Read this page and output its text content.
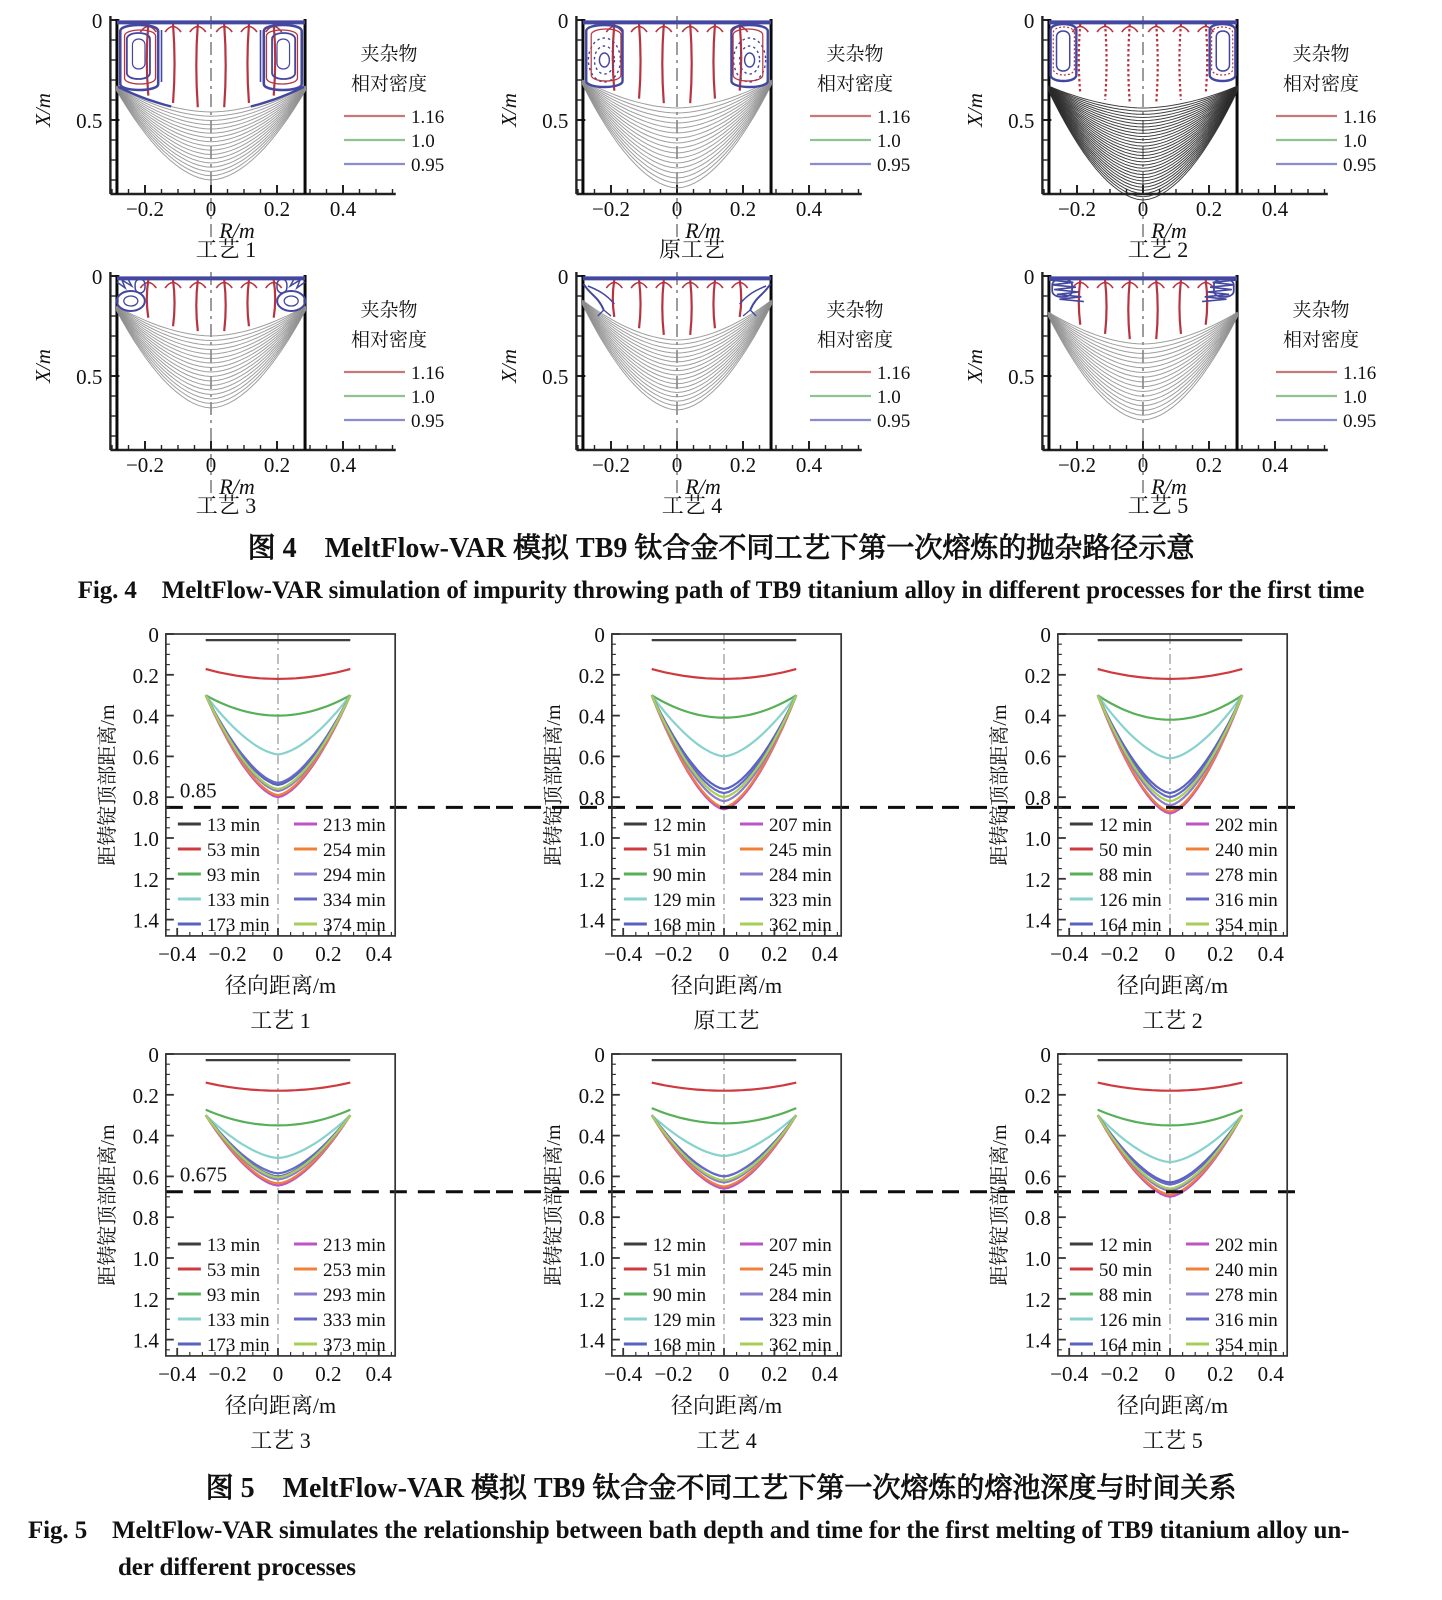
0
0.5
−0.2 0 0.2 0.4
X/m
R/m
工艺 1
夹杂物
相对密度
1.16
1.0
0.95
0
0.5
−0.2 0 0.2 0.4
X/m
R/m
原工艺
夹杂物
相对密度
1.16
1.0
0.95
0
0.5
−0.2 0 0.2 0.4
X/m
R/m
工艺 2
夹杂物
相对密度
1.16
1.0
0.95
0
0.5
−0.2 0 0.2 0.4
X/m
R/m
工艺 3
夹杂物
相对密度
1.16
1.0
0.95
0
0.5
−0.2 0 0.2 0.4
X/m
R/m
工艺 4
夹杂物
相对密度
1.16
1.0
0.95
0
0.5
−0.2 0 0.2 0.4
X/m
R/m
工艺 5
夹杂物
相对密度
1.16
1.0
0.95

图 4　MeltFlow-VAR 模拟 TB9 钛合金不同工艺下第一次熔炼的抛杂路径示意

Fig. 4　MeltFlow-VAR simulation of impurity throwing path of TB9 titanium alloy in different processes for the first time

0.85
0
0.2
0.4
0.6
0.8
1.0
1.2
1.4
−0.4 −0.2 0 0.2 0.4
距铸锭顶部距离/m
径向距离/m
工艺 1
13 min
53 min
93 min
133 min
173 min
213 min
254 min
294 min
334 min
374 min
0
0.2
0.4
0.6
0.8
1.0
1.2
1.4
−0.4 −0.2 0 0.2 0.4
距铸锭顶部距离/m
径向距离/m
原工艺
12 min
51 min
90 min
129 min
168 min
207 min
245 min
284 min
323 min
362 min
0
0.2
0.4
0.6
0.8
1.0
1.2
1.4
−0.4 −0.2 0 0.2 0.4
距铸锭顶部距离/m
径向距离/m
工艺 2
12 min
50 min
88 min
126 min
164 min
202 min
240 min
278 min
316 min
354 min
0.675
0
0.2
0.4
0.6
0.8
1.0
1.2
1.4
−0.4 −0.2 0 0.2 0.4
距铸锭顶部距离/m
径向距离/m
工艺 3
13 min
53 min
93 min
133 min
173 min
213 min
253 min
293 min
333 min
373 min
0
0.2
0.4
0.6
0.8
1.0
1.2
1.4
−0.4 −0.2 0 0.2 0.4
距铸锭顶部距离/m
径向距离/m
工艺 4
12 min
51 min
90 min
129 min
168 min
207 min
245 min
284 min
323 min
362 min
0
0.2
0.4
0.6
0.8
1.0
1.2
1.4
−0.4 −0.2 0 0.2 0.4
距铸锭顶部距离/m
径向距离/m
工艺 5
12 min
50 min
88 min
126 min
164 min
202 min
240 min
278 min
316 min
354 min

图 5　MeltFlow-VAR 模拟 TB9 钛合金不同工艺下第一次熔炼的熔池深度与时间关系

Fig. 5　MeltFlow-VAR simulates the relationship between bath depth and time for the first melting of TB9 titanium alloy un-

der different processes
